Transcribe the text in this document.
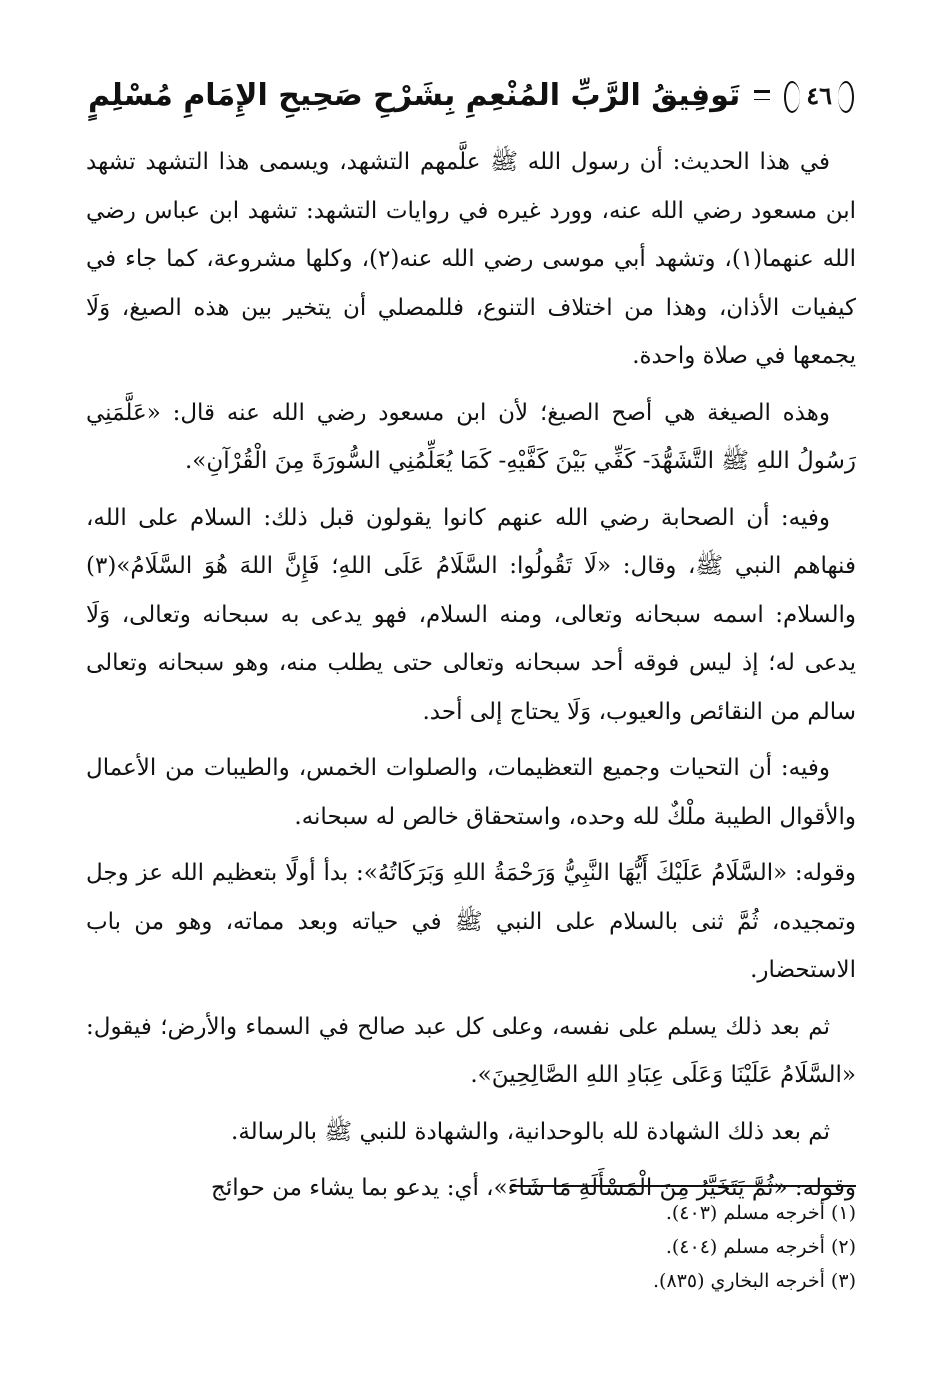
٤٦
تَوفِيقُ الرَّبِّ المُنْعِمِ بِشَرْحِ صَحِيحِ الإِمَامِ مُسْلِمٍ

في هذا الحديث: أن رسول الله ﷺ علَّمهم التشهد، ويسمى هذا التشهد تشهد ابن مسعود رضي الله عنه، وورد غيره في روايات التشهد: تشهد ابن عباس رضي الله عنهما(١)، وتشهد أبي موسى رضي الله عنه(٢)، وكلها مشروعة، كما جاء في كيفيات الأذان، وهذا من اختلاف التنوع، فللمصلي أن يتخير بين هذه الصيغ، وَلَا يجمعها في صلاة واحدة.

وهذه الصيغة هي أصح الصيغ؛ لأن ابن مسعود رضي الله عنه قال: «عَلَّمَنِي رَسُولُ اللهِ ﷺ التَّشَهُّدَ- كَفِّي بَيْنَ كَفَّيْهِ- كَمَا يُعَلِّمُنِي السُّورَةَ مِنَ الْقُرْآنِ».

وفيه: أن الصحابة رضي الله عنهم كانوا يقولون قبل ذلك: السلام على الله، فنهاهم النبي ﷺ، وقال: «لَا تَقُولُوا: السَّلَامُ عَلَى اللهِ؛ فَإِنَّ اللهَ هُوَ السَّلَامُ»(٣) والسلام: اسمه سبحانه وتعالى، ومنه السلام، فهو يدعى به سبحانه وتعالى، وَلَا يدعى له؛ إذ ليس فوقه أحد سبحانه وتعالى حتى يطلب منه، وهو سبحانه وتعالى سالم من النقائص والعيوب، وَلَا يحتاج إلى أحد.

وفيه: أن التحيات وجميع التعظيمات، والصلوات الخمس، والطيبات من الأعمال والأقوال الطيبة ملْكٌ لله وحده، واستحقاق خالص له سبحانه.

وقوله: «السَّلَامُ عَلَيْكَ أَيُّهَا النَّبِيُّ وَرَحْمَةُ اللهِ وَبَرَكَاتُهُ»: بدأ أولًا بتعظيم الله عز وجل وتمجيده، ثُمَّ ثنى بالسلام على النبي ﷺ في حياته وبعد مماته، وهو من باب الاستحضار.

ثم بعد ذلك يسلم على نفسه، وعلى كل عبد صالح في السماء والأرض؛ فيقول: «السَّلَامُ عَلَيْنَا وَعَلَى عِبَادِ اللهِ الصَّالِحِينَ».

ثم بعد ذلك الشهادة لله بالوحدانية، والشهادة للنبي ﷺ بالرسالة.

وقوله: «ثُمَّ يَتَخَيَّرُ مِنَ الْمَسْأَلَةِ مَا شَاءَ»، أي: يدعو بما يشاء من حوائج

(١) أخرجه مسلم (٤٠٣).
(٢) أخرجه مسلم (٤٠٤).
(٣) أخرجه البخاري (٨٣٥).
